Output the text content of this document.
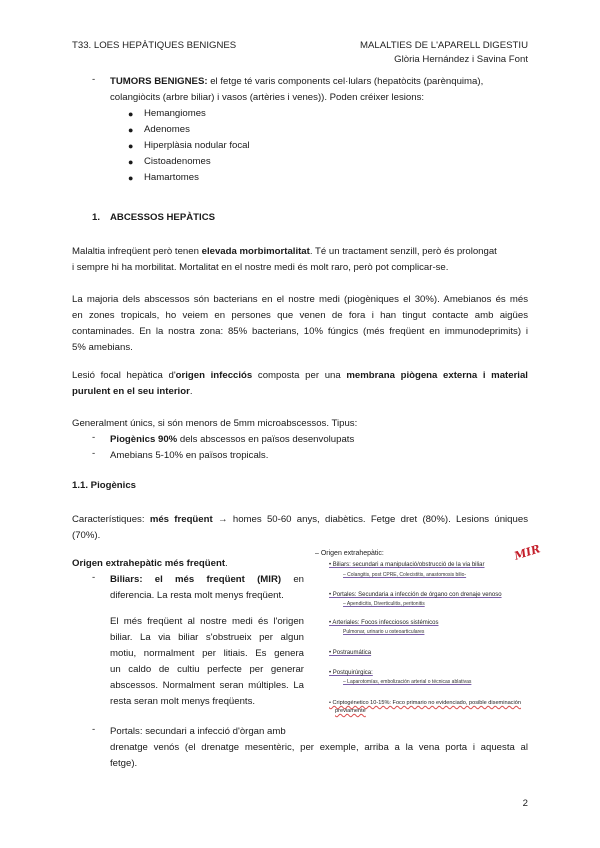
T33. LOES HEPÀTIQUES BENIGNES	MALALTIES DE L'APARELL DIGESTIU
Glòria Hernández i Savina Font
- TUMORS BENIGNES: el fetge té varis components cel·lulars (hepatòcits (parènquima),

colangiòcits (arbre biliar) i vasos (artèries i venes)). Poden créixer lesions:

● Hemangiomes
● Adenomes
● Hiperplàsia nodular focal
● Cistoadenomes
● Hamartomes
1. ABCESSOS HEPÀTICS

Malaltia infreqüent però tenen elevada morbimortalitat. Té un tractament senzill, però és prolongat

i sempre hi ha morbilitat. Mortalitat en el nostre medi és molt raro, però pot complicar-se.

La majoria dels abscessos són bacterians en el nostre medi (piogèniques el 30%). Amebianos és més

en zones tropicals, ho veiem en persones que venen de fora i han tingut contacte amb aigües

contaminades. En la nostra zona: 85% bacterians, 10% fúngics (més freqüent en immunodeprimits) i

5% amebians.

Lesió focal hepàtica d'origen infecciós composta per una membrana piògena externa i material

purulent en el seu interior.

Generalment únics, si són menors de 5mm microabscessos. Tipus:

- Piogènics 90% dels abscessos en països desenvolupats

- Amebians 5-10% en països tropicals.

1.1. Piogènics

Característiques: més freqüent → homes 50-60 anys, diabètics. Fetge dret (80%). Lesions úniques

(70%).

Origen extrahepàtic més freqüent.

- Biliars: el més freqüent (MIR) en

diferencia. La resta molt menys freqüent.

El més freqüent al nostre medi és l'origen

biliar. La via biliar s'obstrueix per algun

motiu, normalment per litiais. Es genera

un caldo de cultiu perfecte per generar

abscessos. Normalment seran múltiples. La

resta seran molt menys freqüents.

- Portals: secundari a infecció d'òrgan amb

drenatge venós (el drenatge mesentèric, per exemple, arriba a la vena porta i aquesta al

fetge).

– Origen extrahepàtic:
• Biliars: secundari a manipulació/obstrucció de la via biliar
– Colangitis, post CPRE, Colecistitis, anastomosis bilio-
• Portales: Secundaria a infección de órgano con drenaje venoso
– Apendicitis, Diverticulitis, peritonitis
• Arteriales: Focos infecciosos sistémicos
Pulmonar, urinario u osteoarticulares
• Postraumática
• Postquirúrgica:
– Laparotomías, embolización arterial o técnicas ablativas
• Criptogénetico 10-15%: Foco primario no evidenciado, posible diseminación
previamente
MIR
2
